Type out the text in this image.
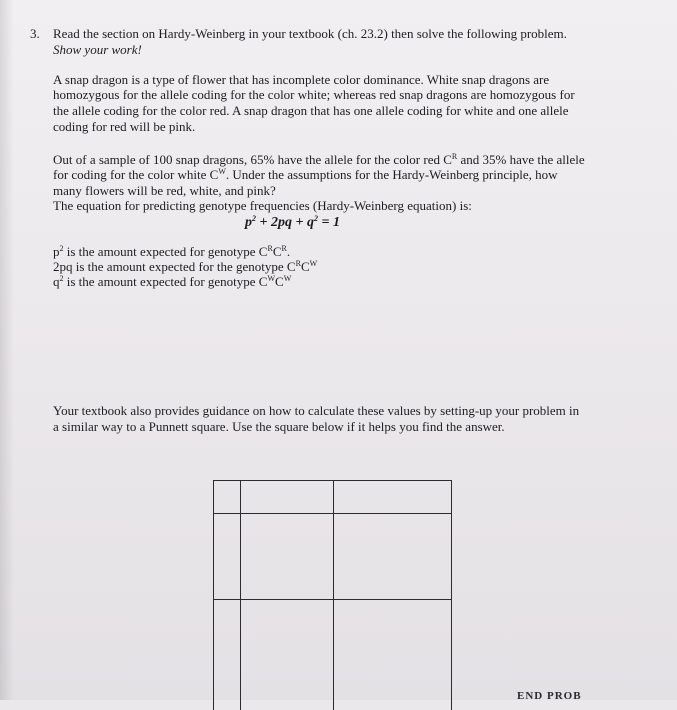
3. Read the section on Hardy-Weinberg in your textbook (ch. 23.2) then solve the following problem.

Show your work!

A snap dragon is a type of flower that has incomplete color dominance. White snap dragons are

homozygous for the allele coding for the color white; whereas red snap dragons are homozygous for

the allele coding for the color red. A snap dragon that has one allele coding for white and one allele

coding for red will be pink.

Out of a sample of 100 snap dragons, 65% have the allele for the color red $C^R$ and 35% have the allele

for coding for the color white $C^W$. Under the assumptions for the Hardy-Weinberg principle, how

many flowers will be red, white, and pink?

The equation for predicting genotype frequencies (Hardy-Weinberg equation) is:

$p^2 + 2pq + q^2 = 1$

$p^2$ is the amount expected for genotype $C^RC^R$.

2pq is the amount expected for the genotype $C^RC^W$

$q^2$ is the amount expected for genotype $C^WC^W$

Your textbook also provides guidance on how to calculate these values by setting-up your problem in

a similar way to a Punnett square. Use the square below if it helps you find the answer.

END PROB
